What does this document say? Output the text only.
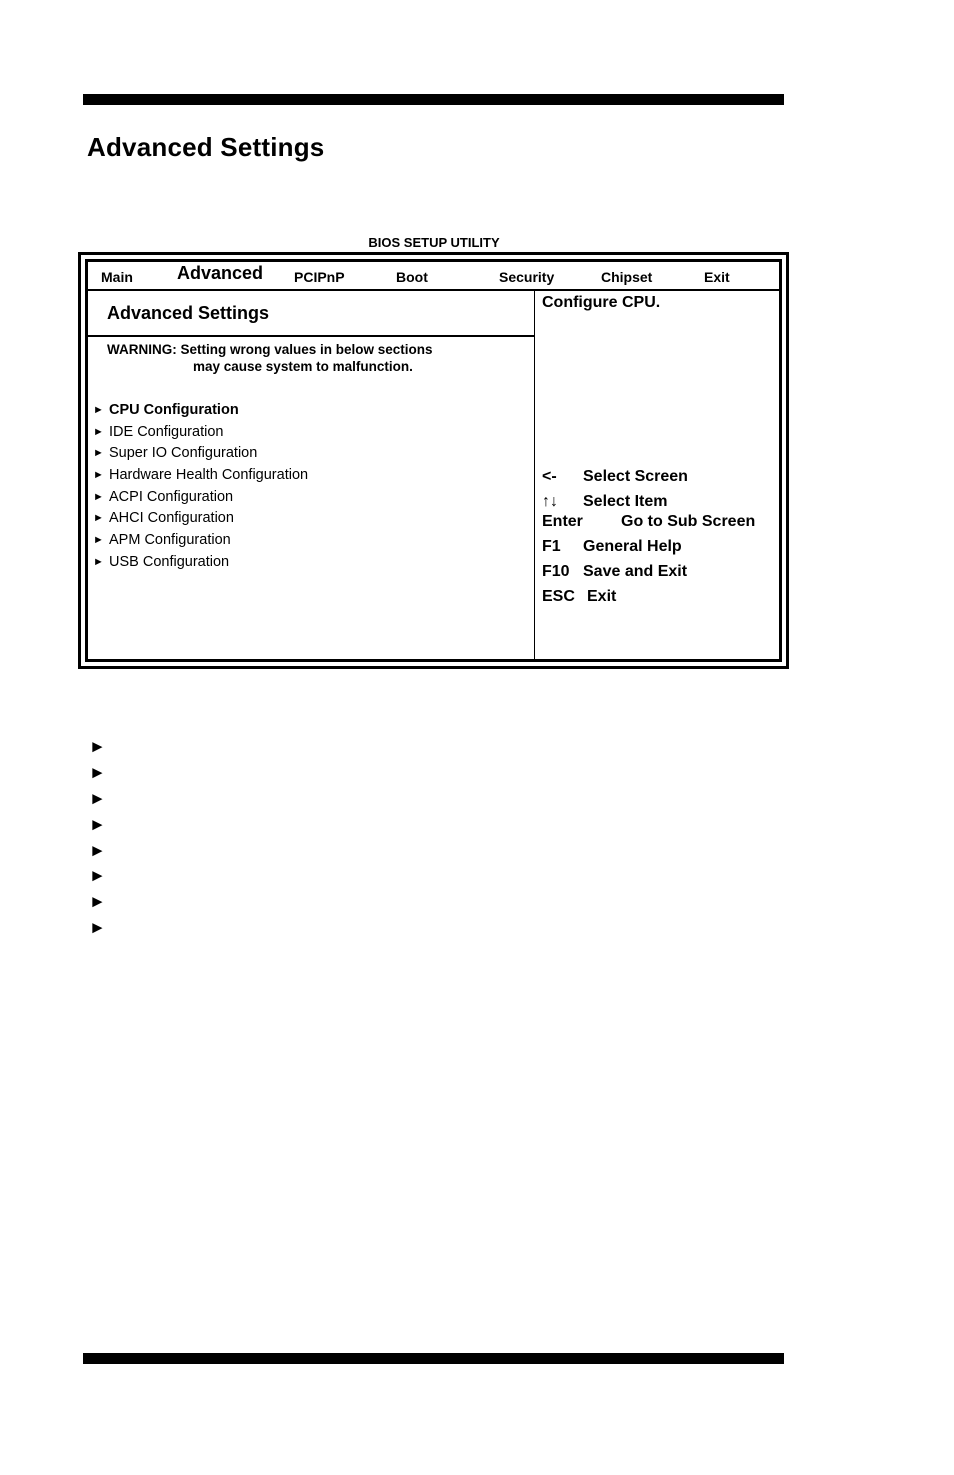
Advanced Settings
BIOS SETUP UTILITY
Main Advanced PCIPnP	Boot	Security	Chipset	Exit
Advanced Settings
WARNING: Setting wrong values in below sections
may cause system to malfunction.
► CPU Configuration
► IDE Configuration
► Super IO Configuration
► Hardware Health Configuration
► ACPI Configuration
► AHCI Configuration
► APM Configuration
► USB Configuration
Configure CPU.
<- Select Screen
↑↓ Select Item
Enter Go to Sub Screen
F1 General Help
F10 Save and Exit
ESC Exit
►
►
►
►
►
►
►
►
